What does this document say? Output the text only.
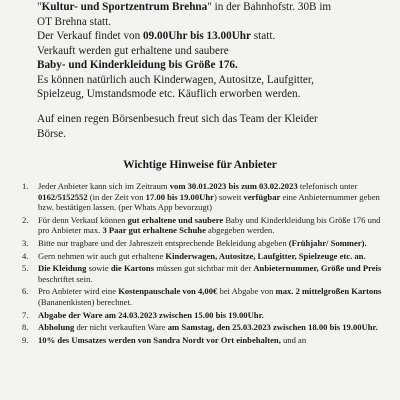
"Kultur- und Sportzentrum Brehna" in der Bahnhofstr. 30B im

OT Brehna statt.

Der Verkauf findet von 09.00Uhr bis 13.00Uhr statt.

Verkauft werden gut erhaltene und saubere

Baby- und Kinderkleidung bis Größe 176.

Es können natürlich auch Kinderwagen, Autositze, Laufgitter,

Spielzeug, Umstandsmode etc. Käuflich erworben werden.

Auf einen regen Börsenbesuch freut sich das Team der Kleider

Börse.

Wichtige Hinweise für Anbieter
1. Jeder Anbieter kann sich im Zeitraum vom 30.01.2023 bis zum 03.02.2023 telefonisch unter 0162/5152552 (in der Zeit von 17.00 bis 19.00Uhr) soweit verfügbar eine Anbieternummer geben bzw. bestätigen lassen. (per Whats App bevorzugt)
2. Für denn Verkauf können gut erhaltene und saubere Baby und Kinderkleidung bis Größe 176 und pro Anbieter max. 3 Paar gut erhaltene Schuhe abgegeben werden.
3. Bitte nur tragbare und der Jahreszeit entsprechende Bekleidung abgeben (Frühjahr/ Sommer).
4. Gern nehmen wir auch gut erhaltene Kinderwagen, Autositze, Laufgitter, Spielzeuge etc. an.
5. Die Kleidung sowie die Kartons müssen gut sichtbar mit der Anbieternummer, Größe und Preis beschriftet sein.
6. Pro Anbieter wird eine Kostenpauschale von 4,00€ bei Abgabe von max. 2 mittelgroßen Kartons (Bananenkisten) berechnet.
7. Abgabe der Ware am 24.03.2023 zwischen 15.00 bis 19.00Uhr.
8. Abholung der nicht verkauften Ware am Samstag, den 25.03.2023 zwischen 18.00 bis 19.00Uhr.
9. 10% des Umsatzes werden von Sandra Nordt vor Ort einbehalten, und an
